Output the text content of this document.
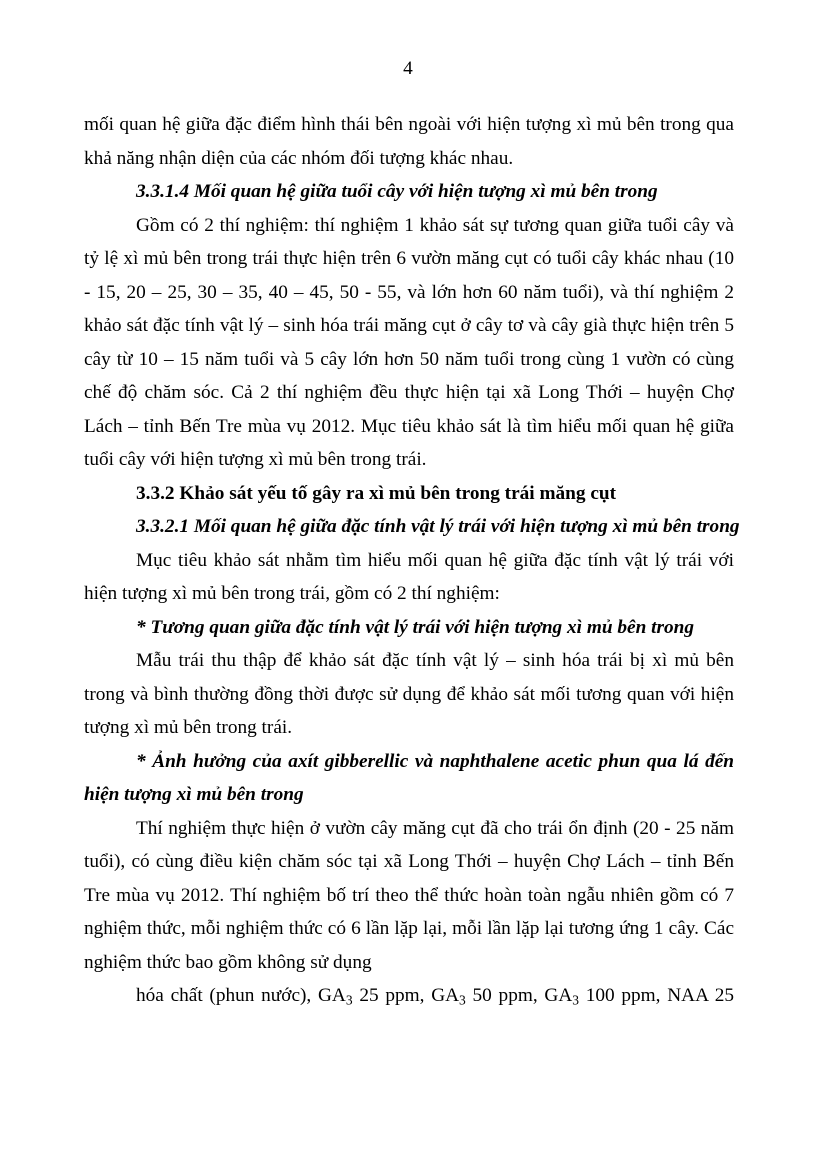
4

mối quan hệ giữa đặc điểm hình thái bên ngoài với hiện tượng xì mủ bên trong qua khả năng nhận diện của các nhóm đối tượng khác nhau.

3.3.1.4 Mối quan hệ giữa tuổi cây với hiện tượng xì mủ bên trong

Gồm có 2 thí nghiệm: thí nghiệm 1 khảo sát sự tương quan giữa tuổi cây và tỷ lệ xì mủ bên trong trái thực hiện trên 6 vườn măng cụt có tuổi cây khác nhau (10 - 15, 20 – 25, 30 – 35, 40 – 45, 50 - 55, và lớn hơn 60 năm tuổi), và thí nghiệm 2 khảo sát đặc tính vật lý – sinh hóa trái măng cụt ở cây tơ và cây già thực hiện trên 5 cây từ 10 – 15 năm tuổi và 5 cây lớn hơn 50 năm tuổi trong cùng 1 vườn có cùng chế độ chăm sóc. Cả 2 thí nghiệm đều thực hiện tại xã Long Thới – huyện Chợ Lách – tỉnh Bến Tre mùa vụ 2012. Mục tiêu khảo sát là tìm hiểu mối quan hệ giữa tuổi cây với hiện tượng xì mủ bên trong trái.

3.3.2 Khảo sát yếu tố gây ra xì mủ bên trong trái măng cụt

3.3.2.1 Mối quan hệ giữa đặc tính vật lý trái với hiện tượng xì mủ bên trong

Mục tiêu khảo sát nhằm tìm hiểu mối quan hệ giữa đặc tính vật lý trái với hiện tượng xì mủ bên trong trái, gồm có 2 thí nghiệm:

* Tương quan giữa đặc tính vật lý trái với hiện tượng xì mủ bên trong

Mẫu trái thu thập để khảo sát đặc tính vật lý – sinh hóa trái bị xì mủ bên trong và bình thường đồng thời được sử dụng để khảo sát mối tương quan với hiện tượng xì mủ bên trong trái.

* Ảnh hưởng của axít gibberellic và naphthalene acetic phun qua lá đến hiện tượng xì mủ bên trong

Thí nghiệm thực hiện ở vườn cây măng cụt đã cho trái ổn định (20 - 25 năm tuổi), có cùng điều kiện chăm sóc tại xã Long Thới – huyện Chợ Lách – tỉnh Bến Tre mùa vụ 2012. Thí nghiệm bố trí theo thể thức hoàn toàn ngẫu nhiên gồm có 7 nghiệm thức, mỗi nghiệm thức có 6 lần lặp lại, mỗi lần lặp lại tương ứng 1 cây. Các nghiệm thức bao gồm không sử dụng
hóa chất (phun nước), $GA_3$ 25 ppm, $GA_3$ 50 ppm, $GA_3$ 100 ppm, NAA 25
